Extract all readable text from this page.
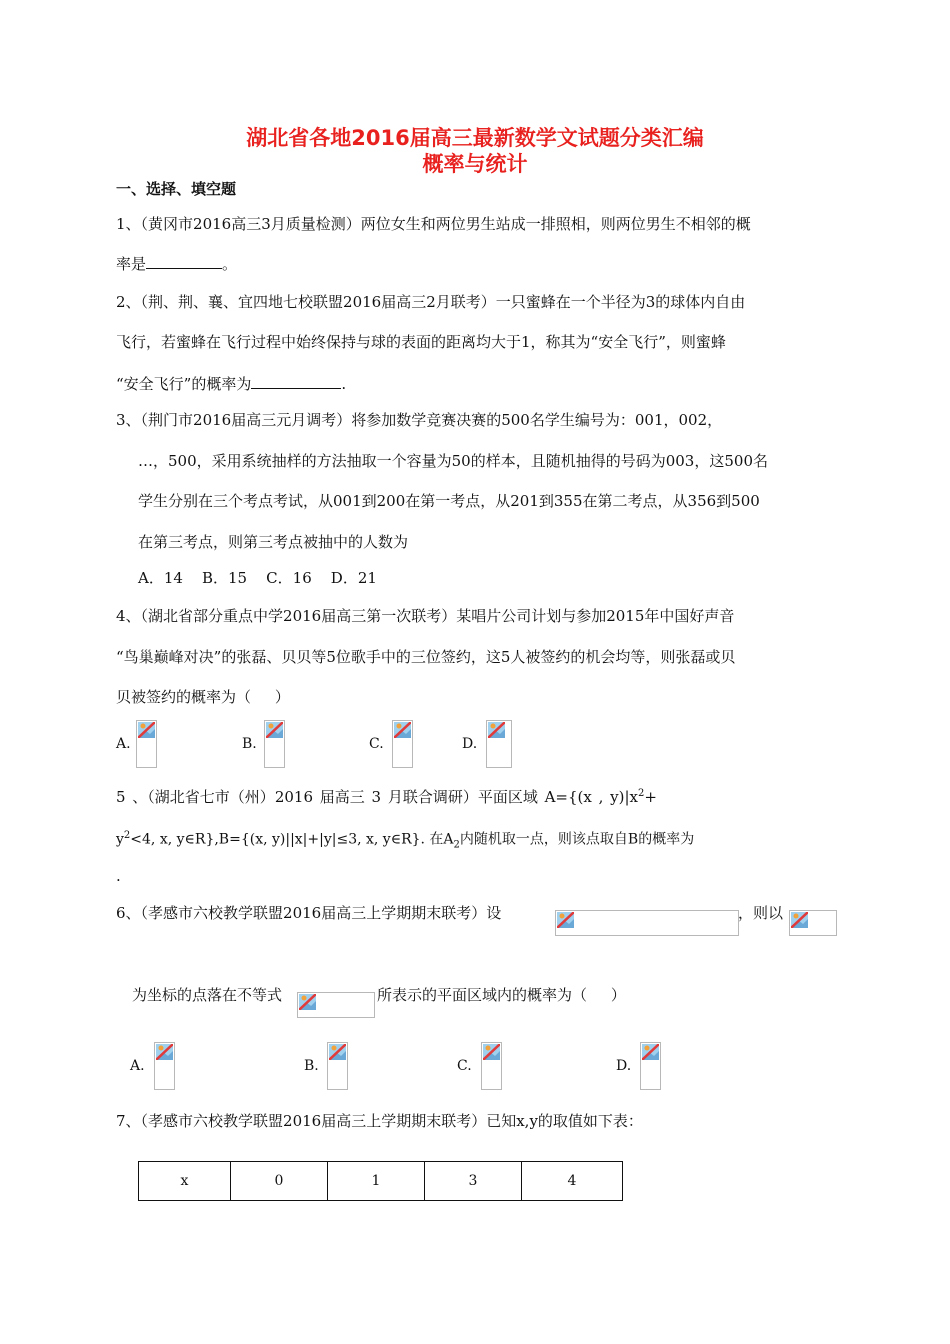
湖北省各地2016届高三最新数学文试题分类汇编
概率与统计
一、选择、填空题
1、（黄冈市2016高三3月质量检测）两位女生和两位男生站成一排照相，则两位男生不相邻的概
率是	。
2、（荆、荆、襄、宜四地七校联盟2016届高三2月联考）一只蜜蜂在一个半径为3的球体内自由
飞行，若蜜蜂在飞行过程中始终保持与球的表面的距离均大于1，称其为“安全飞行”，则蜜蜂
“安全飞行”的概率为	.
3、（荆门市2016届高三元月调考）将参加数学竞赛决赛的500名学生编号为：001，002，
…，500，采用系统抽样的方法抽取一个容量为50的样本，且随机抽得的号码为003，这500名
学生分别在三个考点考试，从001到200在第一考点，从201到355在第二考点，从356到500
在第三考点，则第三考点被抽中的人数为
A．14    B．15    C．16    D．21
4、（湖北省部分重点中学2016届高三第一次联考）某唱片公司计划与参加2015年中国好声音
“鸟巢巅峰对决”的张磊、贝贝等5位歌手中的三位签约，这5人被签约的机会均等，则张磊或贝
贝被签约的概率为（     ）
A.	B.	C.	D.
5 、（湖北省七市（州）2016 届高三 3 月联合调研）平面区域 A={(x , $y)|x^2+$
$y^2<4$, x, y∈R},B={(x, y)||x|+|y|≤3, x, y∈R}. 在$A_2$内随机取一点，则该点取自B的概率为
.
6、（孝感市六校教学联盟2016届高三上学期期末联考）设	，则以
为坐标的点落在不等式	所表示的平面区域内的概率为（     ）
A.	B.	C.	D.
7、（孝感市六校教学联盟2016届高三上学期期末联考）已知x,y的取值如下表：
x	0	1	3	4
